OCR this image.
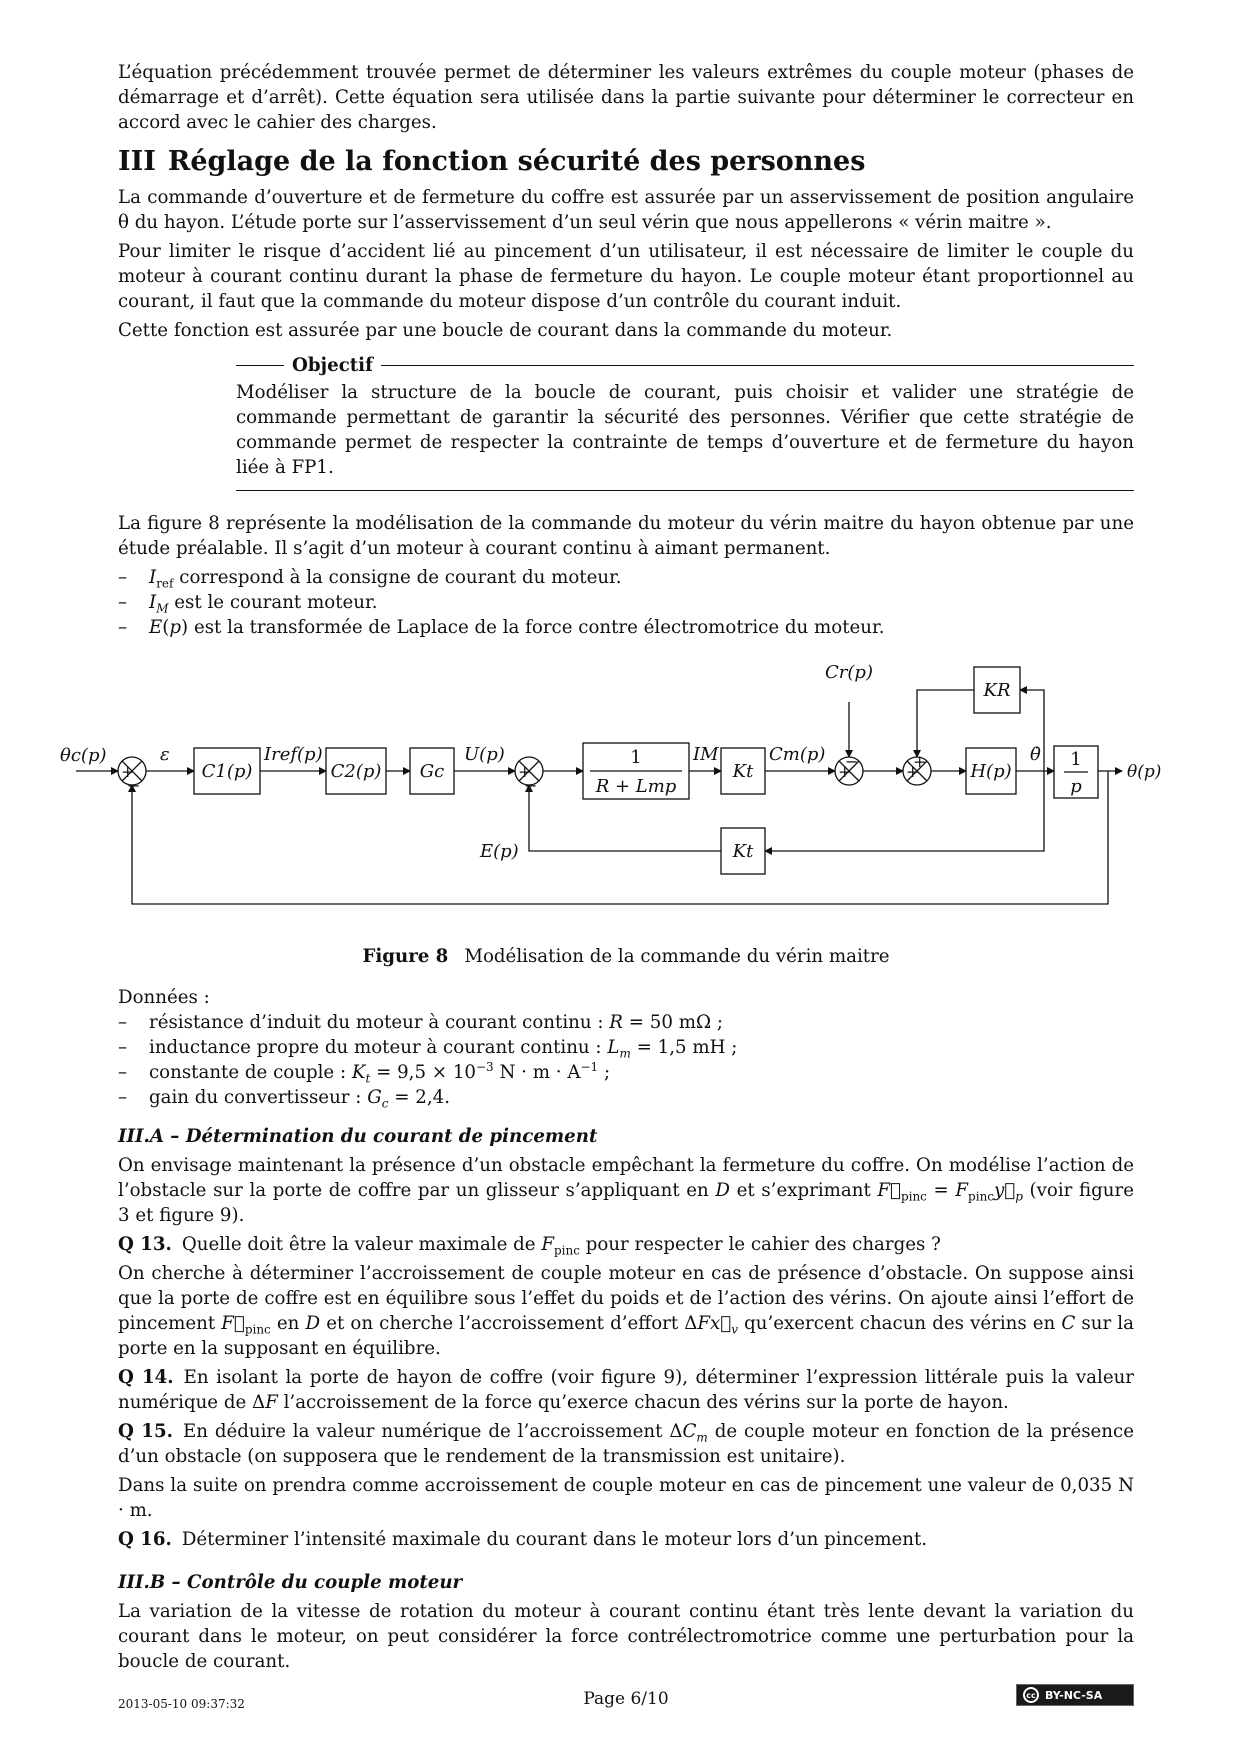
L’équation précédemment trouvée permet de déterminer les valeurs extrêmes du couple moteur (phases de démarrage et d’arrêt). Cette équation sera utilisée dans la partie suivante pour déterminer le correcteur en accord avec le cahier des charges.

III Réglage de la fonction sécurité des personnes

La commande d’ouverture et de fermeture du coffre est assurée par un asservissement de position angulaire θ du hayon. L’étude porte sur l’asservissement d’un seul vérin que nous appellerons « vérin maitre ».

Pour limiter le risque d’accident lié au pincement d’un utilisateur, il est nécessaire de limiter le couple du moteur à courant continu durant la phase de fermeture du hayon. Le couple moteur étant proportionnel au courant, il faut que la commande du moteur dispose d’un contrôle du courant induit.

Cette fonction est assurée par une boucle de courant dans la commande du moteur.

Objectif

Modéliser la structure de la boucle de courant, puis choisir et valider une stratégie de commande permettant de garantir la sécurité des personnes. Vérifier que cette stratégie de commande permet de respecter la contrainte de temps d’ouverture et de fermeture du hayon liée à FP1.

La figure 8 représente la modélisation de la commande du moteur du vérin maitre du hayon obtenue par une étude préalable. Il s’agit d’un moteur à courant continu à aimant permanent.

– $I_{ref}$ correspond à la consigne de courant du moteur.
– $I_M$ est le courant moteur.
– E(p) est la transformée de Laplace de la force contre électromotrice du moteur.
θc(p)	ε
C1(p)
Iref(p)
C2(p) Gc
U(p)	1
R + Lmp
IM
Kt
Cm(p)
Cr(p)
KR
H(p)
θ̇ 1
p
θ(p)
E(p)	Kt
+
−
+
−
+
−
+
+
Figure 8 Modélisation de la commande du vérin maitre

Données :

– résistance d’induit du moteur à courant continu : R = 50 mΩ ;
– inductance propre du moteur à courant continu : $L_m = 1,5$ mH ;
– constante de couple : $K_t = 9,5 \times 10^{-3}$ $N \cdot m \cdot A^{-1}$ ;
– gain du convertisseur : $G_c = 2,4$.
III.A – Détermination du courant de pincement

On envisage maintenant la présence d’un obstacle empêchant la fermeture du coffre. On modélise l’action de l’obstacle sur la porte de coffre par un glisseur s’appliquant en D et s’exprimant $F⃗_{pinc}$ = $F_{pinc}y⃗_p$ (voir figure 3 et figure 9).

Q 13. Quelle doit être la valeur maximale de $F_{pinc}$ pour respecter le cahier des charges ?

On cherche à déterminer l’accroissement de couple moteur en cas de présence d’obstacle. On suppose ainsi que la porte de coffre est en équilibre sous l’effet du poids et de l’action des vérins. On ajoute ainsi l’effort de pincement $F⃗_{pinc}$ en D et on cherche l’accroissement d’effort $\Delta Fx⃗_v$ qu’exercent chacun des vérins en C sur la porte en la supposant en équilibre.

Q 14. En isolant la porte de hayon de coffre (voir figure 9), déterminer l’expression littérale puis la valeur numérique de ΔF l’accroissement de la force qu’exerce chacun des vérins sur la porte de hayon.

Q 15. En déduire la valeur numérique de l’accroissement $\Delta C_m$ de couple moteur en fonction de la présence d’un obstacle (on supposera que le rendement de la transmission est unitaire).

Dans la suite on prendra comme accroissement de couple moteur en cas de pincement une valeur de 0,035 N · m.

Q 16. Déterminer l’intensité maximale du courant dans le moteur lors d’un pincement.

III.B – Contrôle du couple moteur

La variation de la vitesse de rotation du moteur à courant continu étant très lente devant la variation du courant dans le moteur, on peut considérer la force contrélectromotrice comme une perturbation pour la boucle de courant.

2013-05-10 09:37:32	Page 6/10	cc BY-NC-SA
